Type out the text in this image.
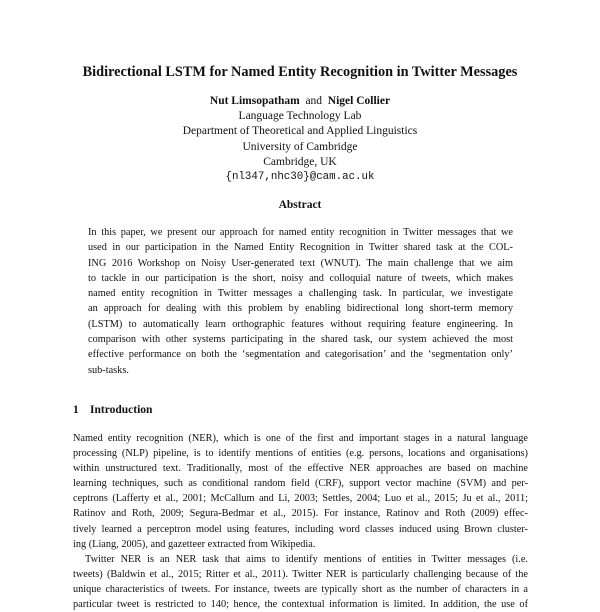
Bidirectional LSTM for Named Entity Recognition in Twitter Messages
Nut Limsopatham and Nigel Collier
Language Technology Lab
Department of Theoretical and Applied Linguistics
University of Cambridge
Cambridge, UK
{nl347,nhc30}@cam.ac.uk
Abstract
In this paper, we present our approach for named entity recognition in Twitter messages that we
used in our participation in the Named Entity Recognition in Twitter shared task at the COL-
ING 2016 Workshop on Noisy User-generated text (WNUT). The main challenge that we aim
to tackle in our participation is the short, noisy and colloquial nature of tweets, which makes
named entity recognition in Twitter messages a challenging task. In particular, we investigate
an approach for dealing with this problem by enabling bidirectional long short-term memory
(LSTM) to automatically learn orthographic features without requiring feature engineering. In
comparison with other systems participating in the shared task, our system achieved the most
effective performance on both the ‘segmentation and categorisation’ and the ‘segmentation only’
sub-tasks.
1 Introduction
Named entity recognition (NER), which is one of the first and important stages in a natural language
processing (NLP) pipeline, is to identify mentions of entities (e.g. persons, locations and organisations)
within unstructured text. Traditionally, most of the effective NER approaches are based on machine
learning techniques, such as conditional random field (CRF), support vector machine (SVM) and per-
ceptrons (Lafferty et al., 2001; McCallum and Li, 2003; Settles, 2004; Luo et al., 2015; Ju et al., 2011;
Ratinov and Roth, 2009; Segura-Bedmar et al., 2015). For instance, Ratinov and Roth (2009) effec-
tively learned a perceptron model using features, including word classes induced using Brown cluster-
ing (Liang, 2005), and gazetteer extracted from Wikipedia.
Twitter NER is an NER task that aims to identify mentions of entities in Twitter messages (i.e.
tweets) (Baldwin et al., 2015; Ritter et al., 2011). Twitter NER is particularly challenging because of the
unique characteristics of tweets. For instance, tweets are typically short as the number of characters in a
particular tweet is restricted to 140; hence, the contextual information is limited. In addition, the use of
